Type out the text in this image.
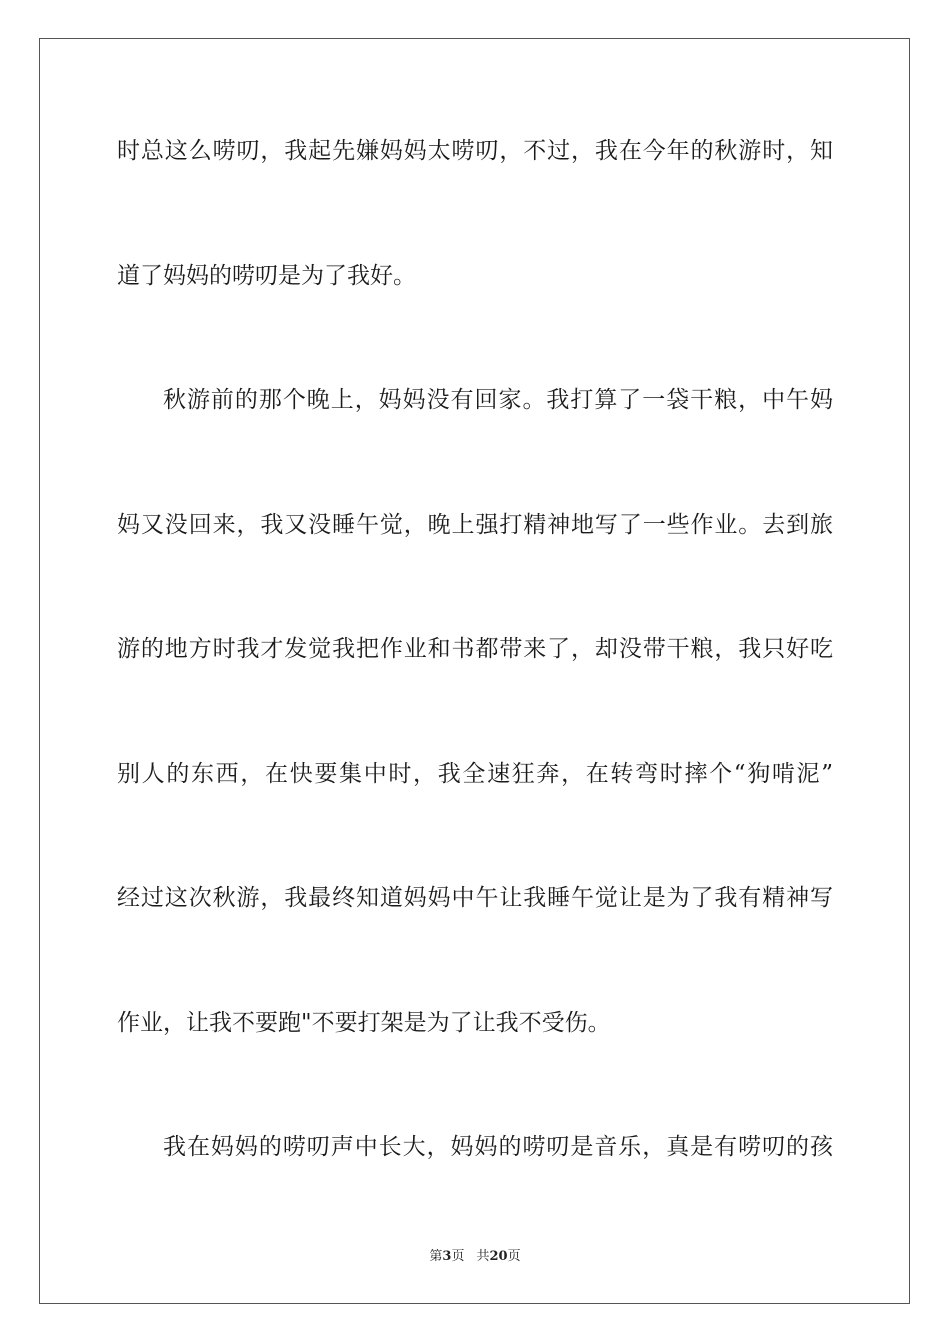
时总这么唠叨，我起先嫌妈妈太唠叨，不过，我在今年的秋游时，知
道了妈妈的唠叨是为了我好。
秋游前的那个晚上，妈妈没有回家。我打算了一袋干粮，中午妈
妈又没回来，我又没睡午觉，晚上强打精神地写了一些作业。去到旅
游的地方时我才发觉我把作业和书都带来了，却没带干粮，我只好吃
别人的东西，在快要集中时，我全速狂奔，在转弯时摔个“狗啃泥”
经过这次秋游，我最终知道妈妈中午让我睡午觉让是为了我有精神写
作业，让我不要跑"不要打架是为了让我不受伤。
我在妈妈的唠叨声中长大，妈妈的唠叨是音乐，真是有唠叨的孩
第3页 共20页
